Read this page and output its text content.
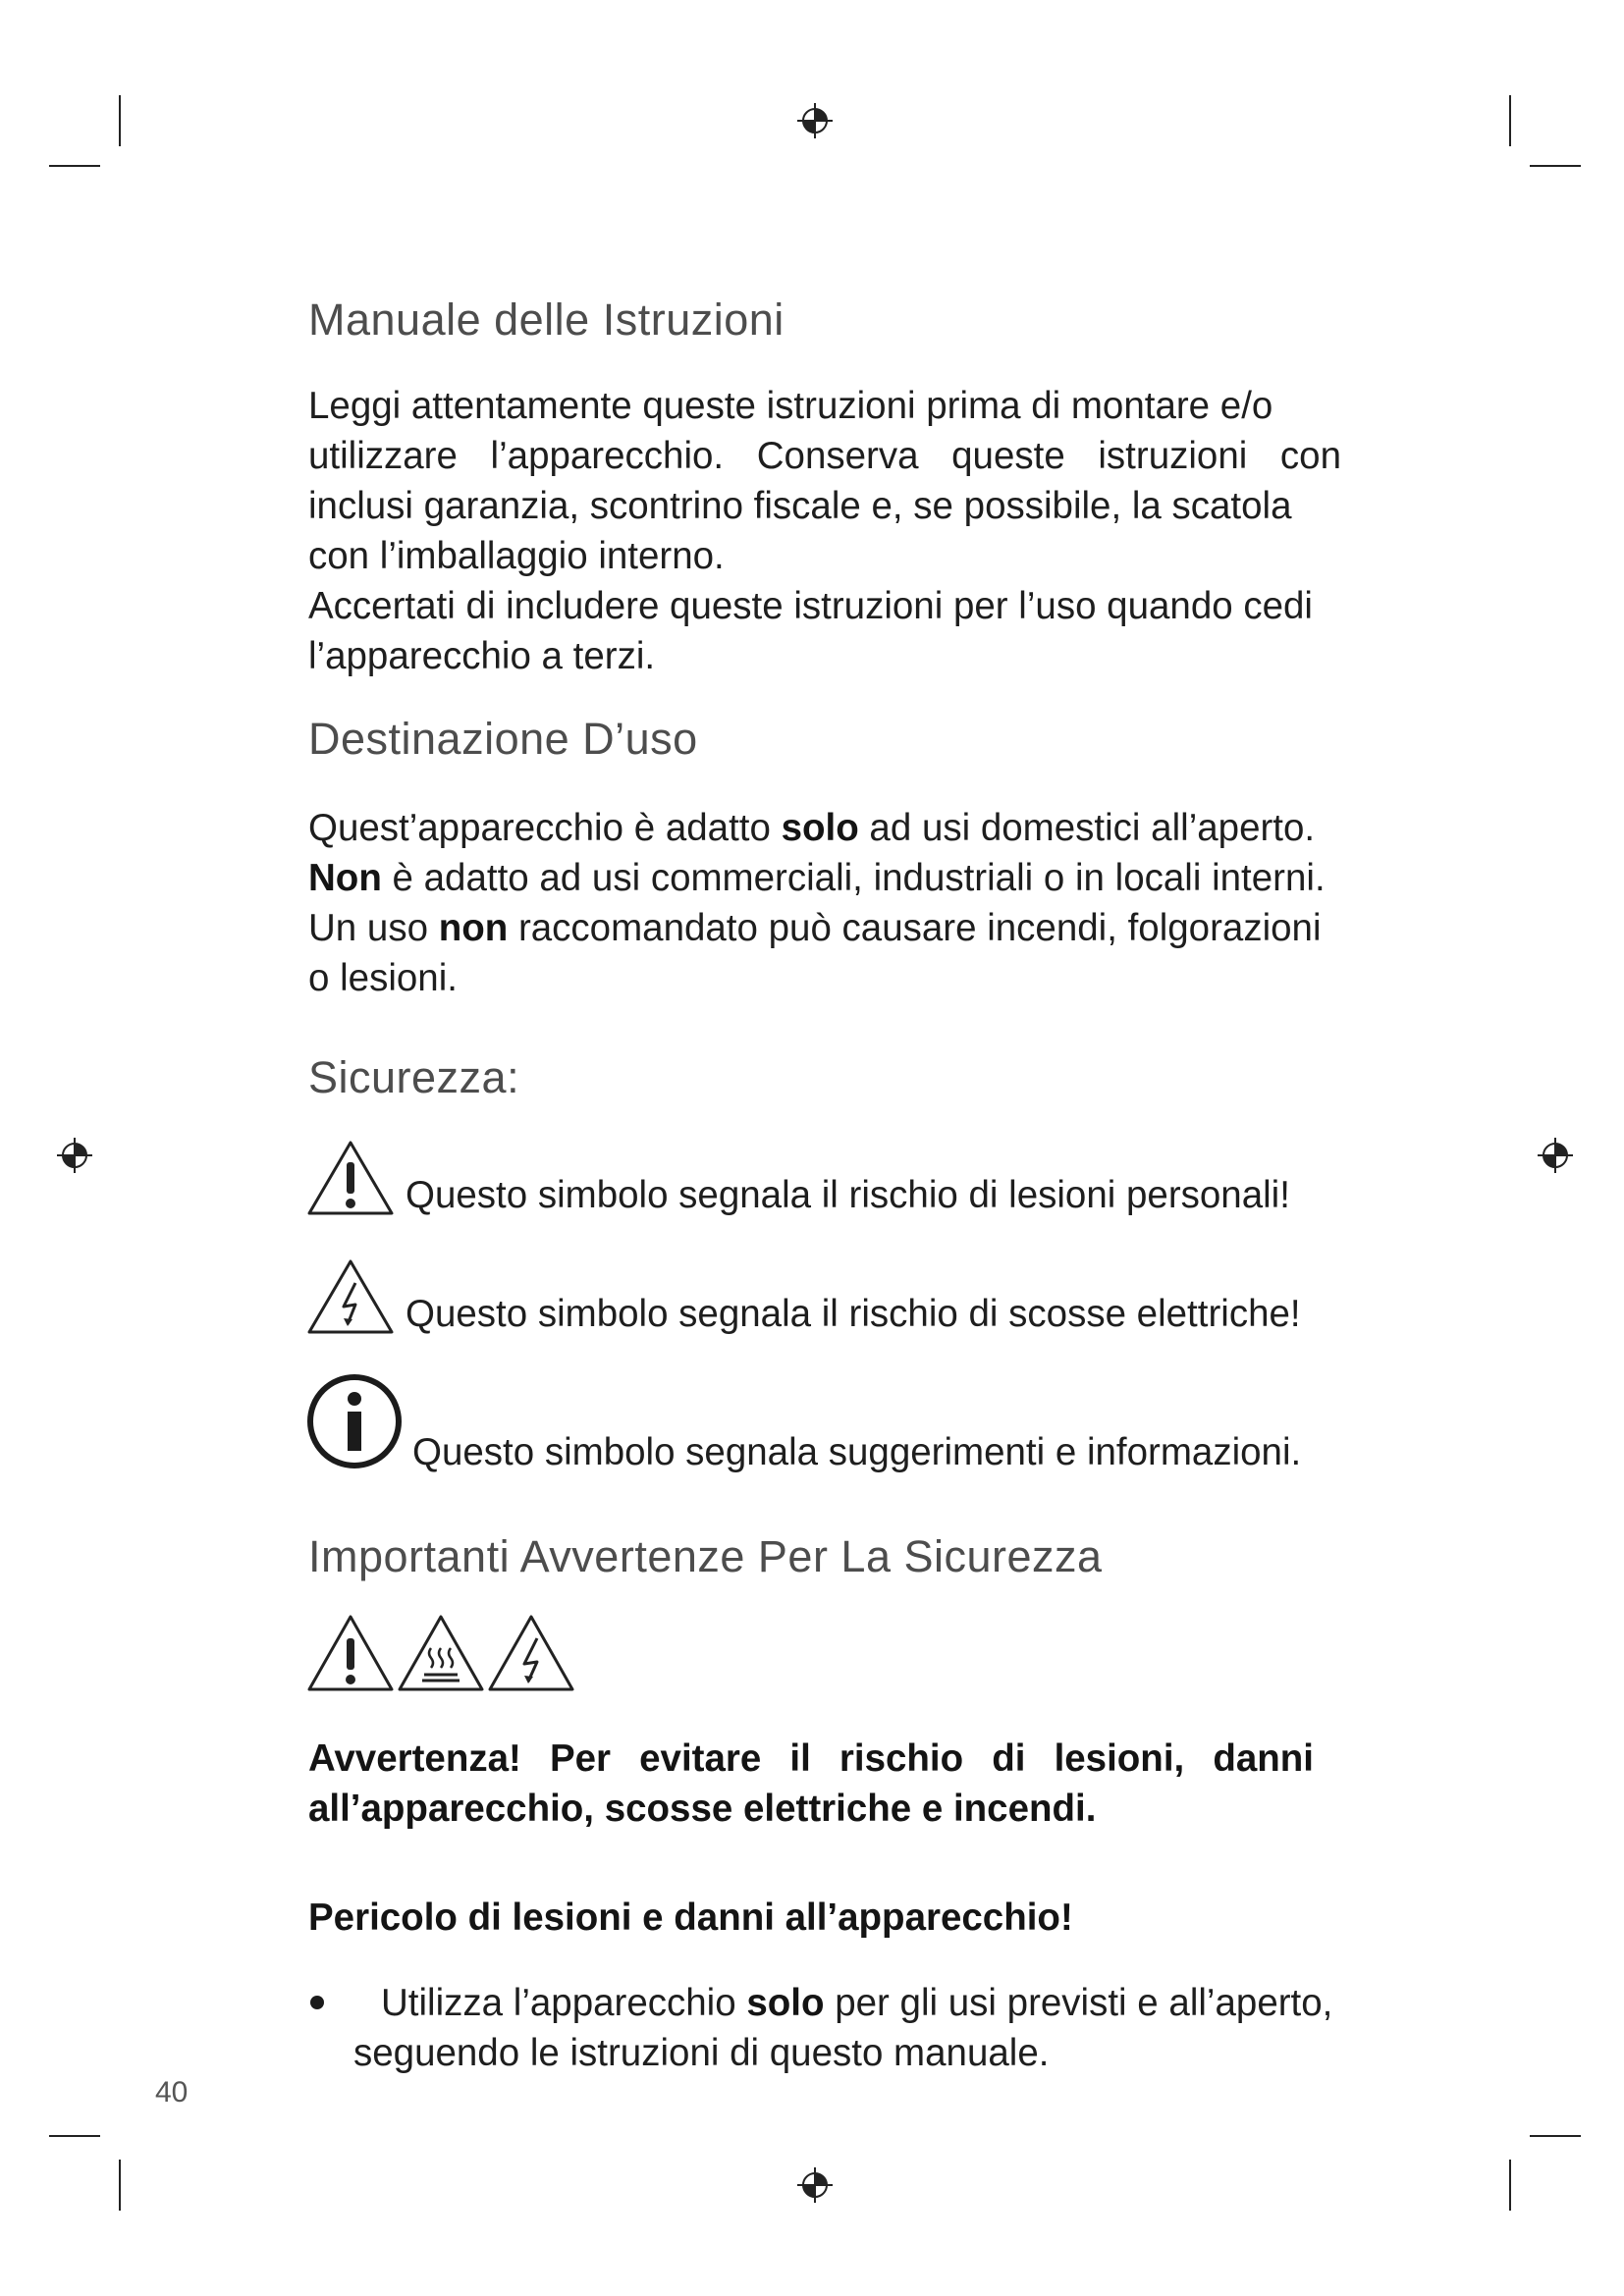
Manuale delle Istruzioni
Leggi attentamente queste istruzioni prima di montare e/o
utilizzare l’apparecchio. Conserva queste istruzioni con
inclusi garanzia, scontrino fiscale e, se possibile, la scatola
con l’imballaggio interno.
Accertati di includere queste istruzioni per l’uso quando cedi
l’apparecchio a terzi.
Destinazione D’uso
Quest’apparecchio è adatto solo ad usi domestici all’aperto.
Non è adatto ad usi commerciali, industriali o in locali interni.
Un uso non raccomandato può causare incendi, folgorazioni
o lesioni.
Sicurezza:
Questo simbolo segnala il rischio di lesioni personali!
Questo simbolo segnala il rischio di scosse elettriche!
Questo simbolo segnala suggerimenti e informazioni.
Importanti Avvertenze Per La Sicurezza
Avvertenza! Per evitare il rischio di lesioni, danni
all’apparecchio, scosse elettriche e incendi.
Pericolo di lesioni e danni all’apparecchio!
Utilizza l’apparecchio solo per gli usi previsti e all’aperto,
seguendo le istruzioni di questo manuale.
40
